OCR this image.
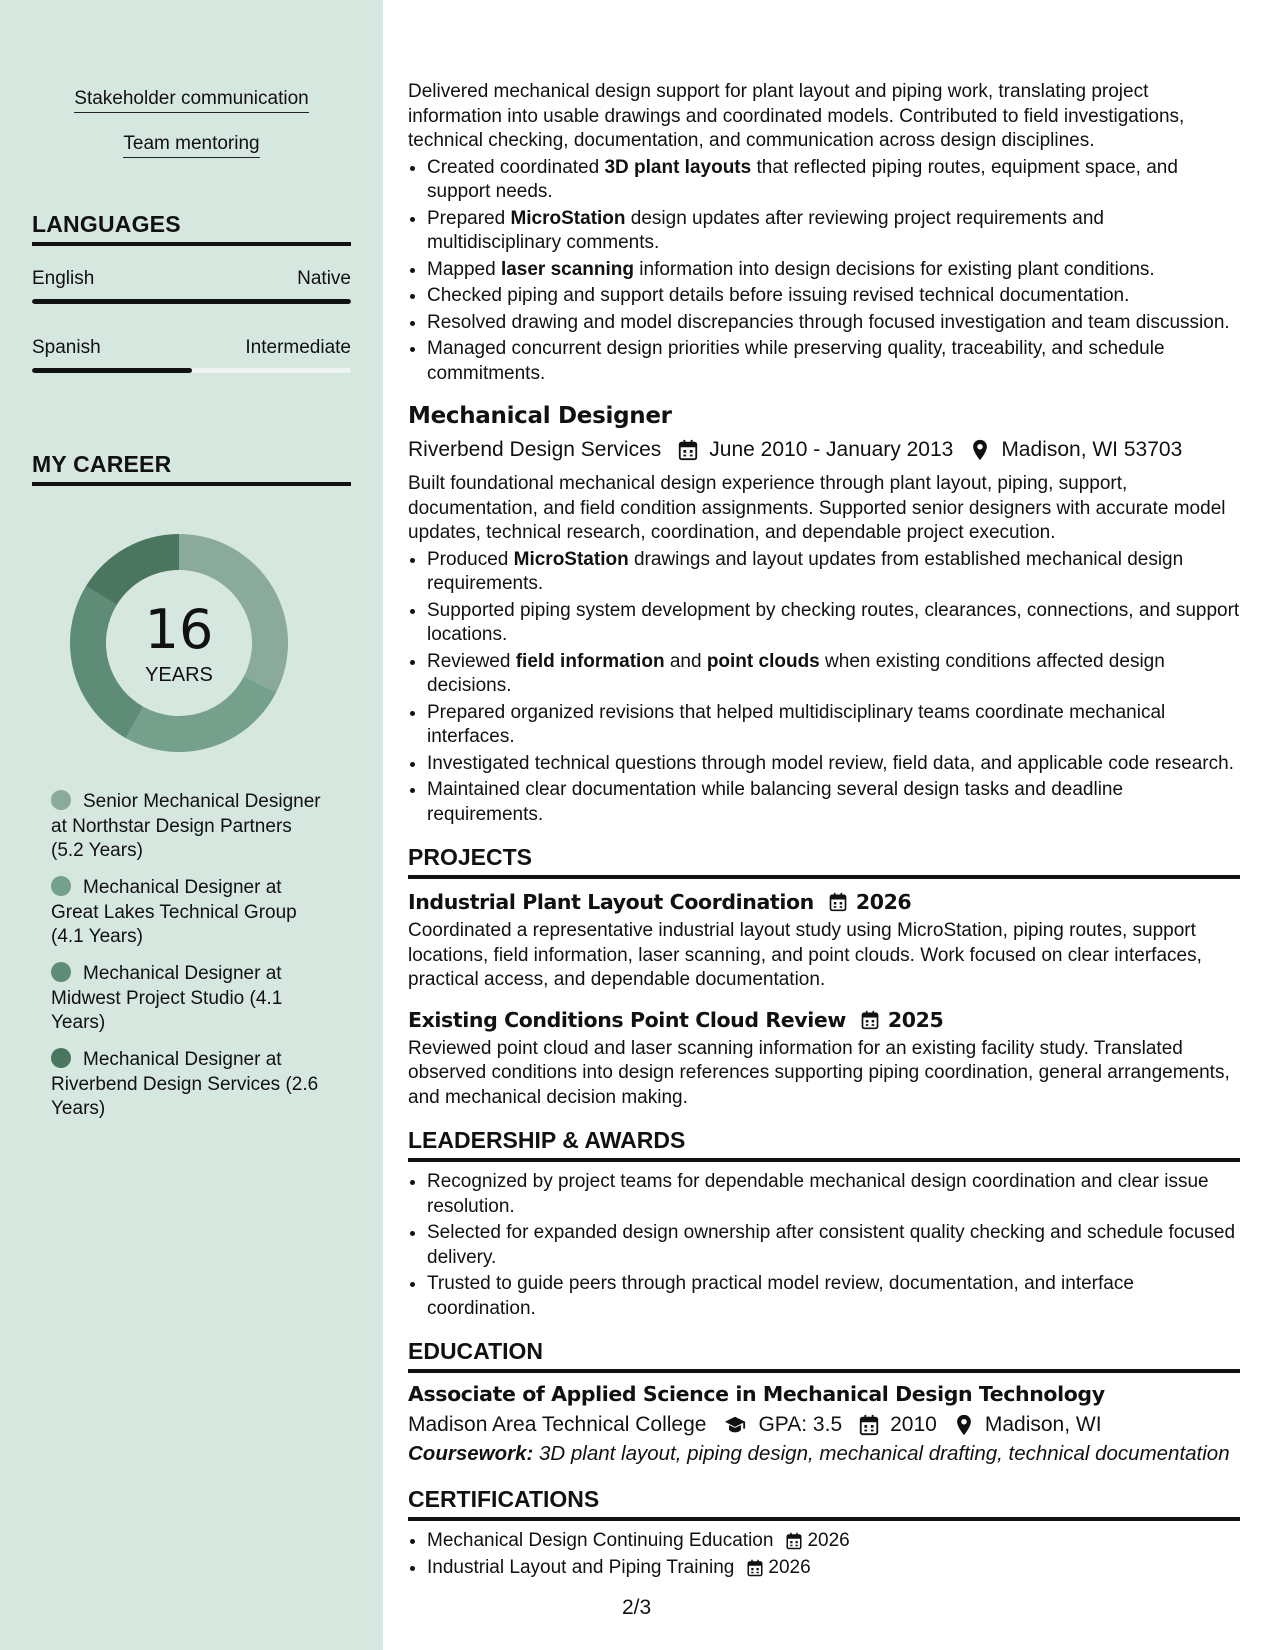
Stakeholder communication
Team mentoring
LANGUAGES
English	Native
Spanish	Intermediate
MY CAREER
16
YEARS
Senior Mechanical Designer at Northstar Design Partners (5.2 Years)
Mechanical Designer at Great Lakes Technical Group (4.1 Years)
Mechanical Designer at Midwest Project Studio (4.1 Years)
Mechanical Designer at Riverbend Design Services (2.6 Years)

Delivered mechanical design support for plant layout and piping work, translating project information into usable drawings and coordinated models. Contributed to field investigations, technical checking, documentation, and communication across design disciplines.

• Created coordinated 3D plant layouts that reflected piping routes, equipment space, and support needs.
• Prepared MicroStation design updates after reviewing project requirements and multidisciplinary comments.
• Mapped laser scanning information into design decisions for existing plant conditions.
• Checked piping and support details before issuing revised technical documentation.
• Resolved drawing and model discrepancies through focused investigation and team discussion.
• Managed concurrent design priorities while preserving quality, traceability, and schedule commitments.
Mechanical Designer
Riverbend Design Services June 2010 - January 2013 Madison, WI 53703

Built foundational mechanical design experience through plant layout, piping, support, documentation, and field condition assignments. Supported senior designers with accurate model updates, technical research, coordination, and dependable project execution.

• Produced MicroStation drawings and layout updates from established mechanical design requirements.
• Supported piping system development by checking routes, clearances, connections, and support locations.
• Reviewed field information and point clouds when existing conditions affected design decisions.
• Prepared organized revisions that helped multidisciplinary teams coordinate mechanical interfaces.
• Investigated technical questions through model review, field data, and applicable code research.
• Maintained clear documentation while balancing several design tasks and deadline requirements.
PROJECTS
Industrial Plant Layout Coordination 2026

Coordinated a representative industrial layout study using MicroStation, piping routes, support locations, field information, laser scanning, and point clouds. Work focused on clear interfaces, practical access, and dependable documentation.

Existing Conditions Point Cloud Review 2025

Reviewed point cloud and laser scanning information for an existing facility study. Translated observed conditions into design references supporting piping coordination, general arrangements, and mechanical decision making.

LEADERSHIP & AWARDS
• Recognized by project teams for dependable mechanical design coordination and clear issue resolution.
• Selected for expanded design ownership after consistent quality checking and schedule focused delivery.
• Trusted to guide peers through practical model review, documentation, and interface coordination.
EDUCATION
Associate of Applied Science in Mechanical Design Technology
Madison Area Technical College GPA: 3.5 2010 Madison, WI
Coursework: 3D plant layout, piping design, mechanical drafting, technical documentation
CERTIFICATIONS
• Mechanical Design Continuing Education 2026
• Industrial Layout and Piping Training 2026
2/3
